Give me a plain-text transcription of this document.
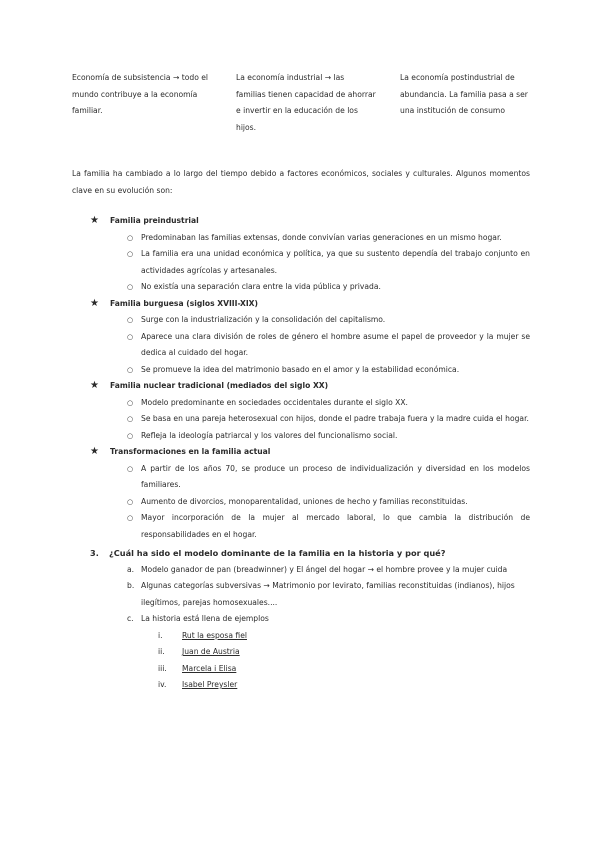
Economía de subsistencia → todo el mundo contribuye a la economía familiar.
La economía industrial → las familias tienen capacidad de ahorrar e invertir en la educación de los hijos.
La economía postindustrial de abundancia. La familia pasa a ser una institución de consumo
La familia ha cambiado a lo largo del tiempo debido a factores económicos, sociales y culturales. Algunos momentos clave en su evolución son:
★ Familia preindustrial
○ Predominaban las familias extensas, donde convivían varias generaciones en un mismo hogar.
○ La familia era una unidad económica y política, ya que su sustento dependía del trabajo conjunto en actividades agrícolas y artesanales.
○ No existía una separación clara entre la vida pública y privada.
★ Familia burguesa (siglos XVIII-XIX)
○ Surge con la industrialización y la consolidación del capitalismo.
○ Aparece una clara división de roles de género el hombre asume el papel de proveedor y la mujer se dedica al cuidado del hogar.
○ Se promueve la idea del matrimonio basado en el amor y la estabilidad económica.
★ Familia nuclear tradicional (mediados del siglo XX)
○ Modelo predominante en sociedades occidentales durante el siglo XX.
○ Se basa en una pareja heterosexual con hijos, donde el padre trabaja fuera y la madre cuida el hogar.
○ Refleja la ideología patriarcal y los valores del funcionalismo social.
★ Transformaciones en la familia actual
○ A partir de los años 70, se produce un proceso de individualización y diversidad en los modelos familiares.
○ Aumento de divorcios, monoparentalidad, uniones de hecho y familias reconstituidas.
○ Mayor incorporación de la mujer al mercado laboral, lo que cambia la distribución de responsabilidades en el hogar.
3. ¿Cuál ha sido el modelo dominante de la familia en la historia y por qué?
a. Modelo ganador de pan (breadwinner) y El ángel del hogar → el hombre provee y la mujer cuida
b. Algunas categorías subversivas → Matrimonio por levirato, familias reconstituidas (indianos), hijos ilegítimos, parejas homosexuales....
c. La historia está llena de ejemplos
i.	Rut la esposa fiel
ii. Juan de Austria
iii. Marcela i Elisa
iv. Isabel Preysler
